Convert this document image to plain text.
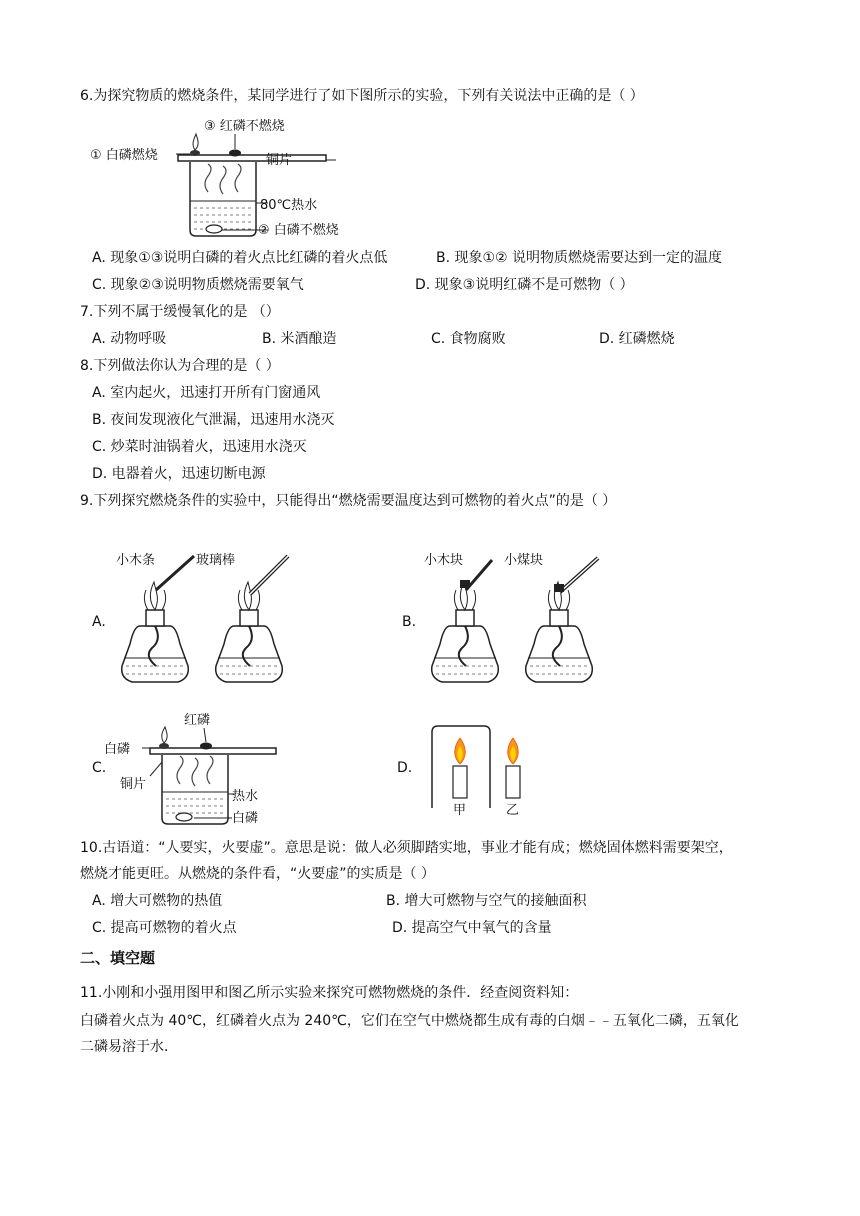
6.为探究物质的燃烧条件，某同学进行了如下图所示的实验，下列有关说法中正确的是（ ）
① 白磷燃烧
③ 红磷不燃烧
铜片
80℃热水
② 白磷不燃烧
A. 现象①③说明白磷的着火点比红磷的着火点低	B. 现象①② 说明物质燃烧需要达到一定的温度
C. 现象②③说明物质燃烧需要氧气	D. 现象③说明红磷不是可燃物（ ）
7.下列不属于缓慢氧化的是 （）
A. 动物呼吸	B. 米酒酿造	C. 食物腐败	D. 红磷燃烧
8.下列做法你认为合理的是（ ）
A. 室内起火，迅速打开所有门窗通风
B. 夜间发现液化气泄漏，迅速用水浇灭
C. 炒菜时油锅着火，迅速用水浇灭
D. 电器着火，迅速切断电源
9.下列探究燃烧条件的实验中，只能得出“燃烧需要温度达到可燃物的着火点”的是（ ）
A.
小木条	玻璃棒
B.
小木块	小煤块
C.
白磷
红磷
铜片
热水
白磷
D.
甲	乙
10.古语道：“人要实，火要虚”。意思是说：做人必须脚踏实地，事业才能有成；燃烧固体燃料需要架空，
燃烧才能更旺。从燃烧的条件看，“火要虚”的实质是（ ）
A. 增大可燃物的热值	B. 增大可燃物与空气的接触面积
C. 提高可燃物的着火点	D. 提高空气中氧气的含量
二、填空题
11.小刚和小强用图甲和图乙所示实验来探究可燃物燃烧的条件．经查阅资料知：
白磷着火点为 40℃，红磷着火点为 240℃，它们在空气中燃烧都生成有毒的白烟﹣﹣五氧化二磷，五氧化
二磷易溶于水．
